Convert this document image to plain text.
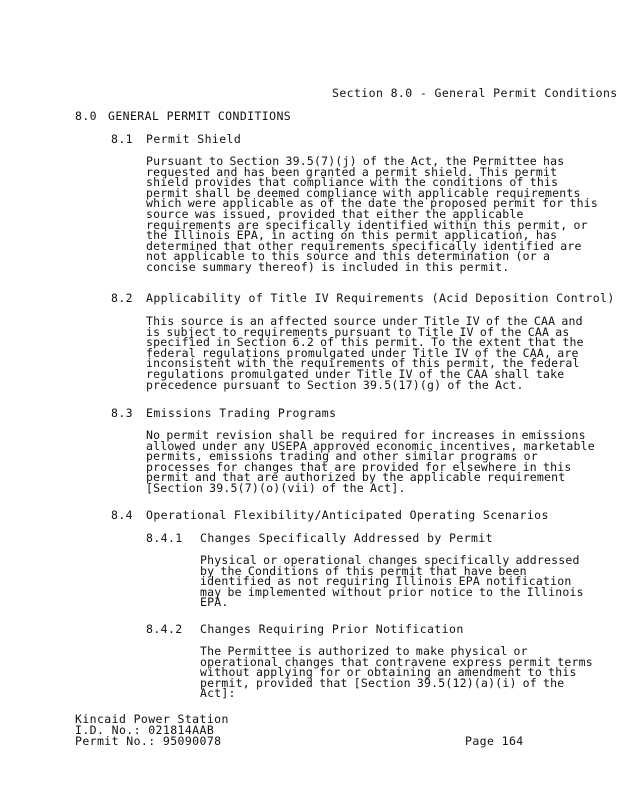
Section 8.0 - General Permit Conditions
8.0 GENERAL PERMIT CONDITIONS
8.1 Permit Shield
Pursuant to Section 39.5(7)(j) of the Act, the Permittee has
requested and has been granted a permit shield. This permit
shield provides that compliance with the conditions of this
permit shall be deemed compliance with applicable requirements
which were applicable as of the date the proposed permit for this
source was issued, provided that either the applicable
requirements are specifically identified within this permit, or
the Illinois EPA, in acting on this permit application, has
determined that other requirements specifically identified are
not applicable to this source and this determination (or a
concise summary thereof) is included in this permit.
8.2 Applicability of Title IV Requirements (Acid Deposition Control)
This source is an affected source under Title IV of the CAA and
is subject to requirements pursuant to Title IV of the CAA as
specified in Section 6.2 of this permit. To the extent that the
federal regulations promulgated under Title IV of the CAA, are
inconsistent with the requirements of this permit, the federal
regulations promulgated under Title IV of the CAA shall take
precedence pursuant to Section 39.5(17)(g) of the Act.
8.3 Emissions Trading Programs
No permit revision shall be required for increases in emissions
allowed under any USEPA approved economic incentives, marketable
permits, emissions trading and other similar programs or
processes for changes that are provided for elsewhere in this
permit and that are authorized by the applicable requirement
[Section 39.5(7)(o)(vii) of the Act].
8.4 Operational Flexibility/Anticipated Operating Scenarios
8.4.1 Changes Specifically Addressed by Permit
Physical or operational changes specifically addressed
by the Conditions of this permit that have been
identified as not requiring Illinois EPA notification
may be implemented without prior notice to the Illinois
EPA.
8.4.2 Changes Requiring Prior Notification
The Permittee is authorized to make physical or
operational changes that contravene express permit terms
without applying for or obtaining an amendment to this
permit, provided that [Section 39.5(12)(a)(i) of the
Act]:
Kincaid Power Station
I.D. No.: 021814AAB
Permit No.: 95090078	Page 164
